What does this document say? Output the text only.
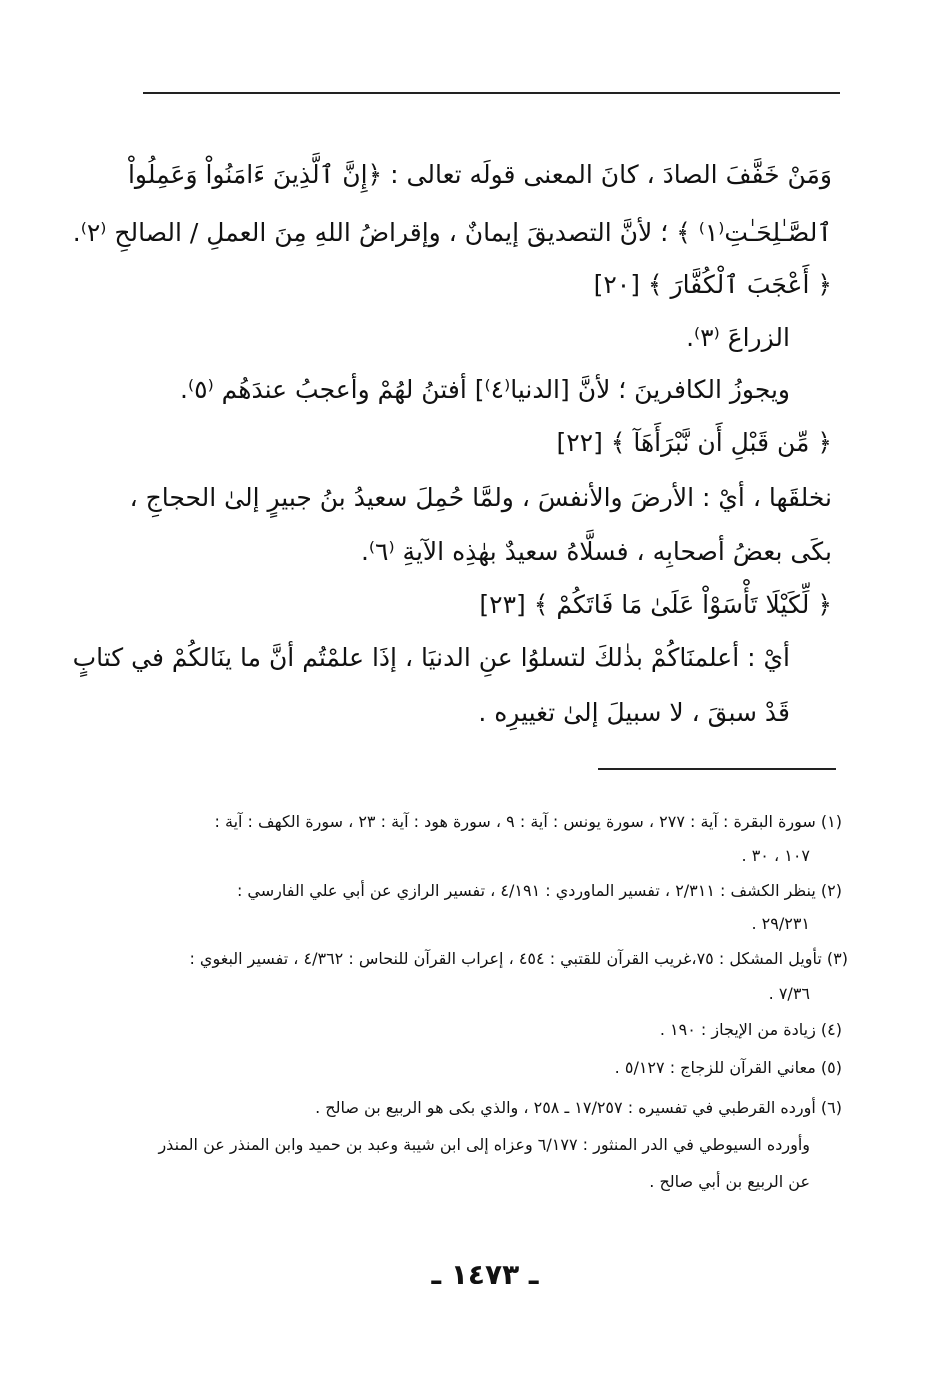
وَمَنْ خَفَّفَ الصادَ ، كانَ المعنى قولَه تعالى : ﴿إِنَّ ٱلَّذِينَ ءَامَنُواْ وَعَمِلُواْ
ٱلصَّـٰلِحَـٰتِ⁽١⁾ ﴾ ؛ لأنَّ التصديقَ إيمانٌ ، وإقراضُ اللهِ مِنَ العملِ / الصالحِ ⁽٢⁾.
﴿ أَعْجَبَ ٱلْكُفَّارَ ﴾ [٢٠]
الزراعَ ⁽٣⁾.
ويجوزُ الكافرينَ ؛ لأنَّ [الدنيا⁽٤⁾] أفتنُ لهُمْ وأعجبُ عندَهُم ⁽٥⁾.
﴿ مِّن قَبْلِ أَن نَّبْرَأَهَآ ﴾ [٢٢]
نخلقَها ، أيْ : الأرضَ والأنفسَ ، ولمَّا حُمِلَ سعيدُ بنُ جبيرٍ إلىٰ الحجاجِ ،
بكَى بعضُ أصحابِه ، فسلَّاهُ سعيدٌ بهٰذِه الآيةِ ⁽٦⁾.
﴿ لِّكَيْلَا تَأْسَوْاْ عَلَىٰ مَا فَاتَكُمْ ﴾ [٢٣]
أيْ : أعلمنَاكُمْ بذٰلكَ لتسلوُا عنِ الدنيَا ، إذَا علمْتُم أنَّ ما ينَالكُمْ في كتابٍ
قَدْ سبقَ ، لا سبيلَ إلىٰ تغييرِه .
(١) سورة البقرة : آية : ٢٧٧ ، سورة يونس : آية : ٩ ، سورة هود : آية : ٢٣ ، سورة الكهف : آية :
١٠٧ ، ٣٠ .
(٢) ينظر الكشف : ٢/٣١١ ، تفسير الماوردي : ٤/١٩١ ، تفسير الرازي عن أبي علي الفارسي :
٢٩/٢٣١ .
(٣) تأويل المشكل : ٧٥،غريب القرآن للقتبي : ٤٥٤ ، إعراب القرآن للنحاس : ٤/٣٦٢ ، تفسير البغوي :
٧/٣٦ .
(٤) زيادة من الإيجاز : ١٩٠ .
(٥) معاني القرآن للزجاج : ٥/١٢٧ .
(٦) أورده القرطبي في تفسيره : ١٧/٢٥٧ ـ ٢٥٨ ، والذي بكى هو الربيع بن صالح .
وأورده السيوطي في الدر المنثور : ٦/١٧٧ وعزاه إلى ابن شيبة وعبد بن حميد وابن المنذر عن المنذر
عن الربيع بن أبي صالح .
ـ ١٤٧٣ ـ
